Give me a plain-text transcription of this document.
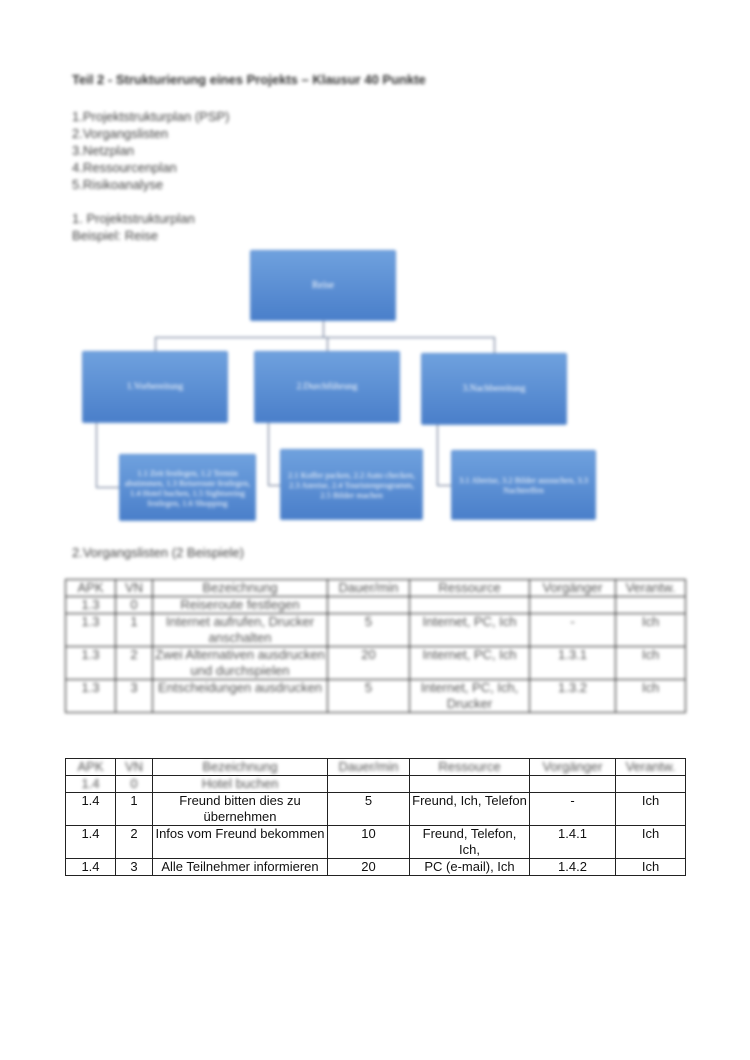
Teil 2 - Strukturierung eines Projekts – Klausur 40 Punkte
1.Projektstrukturplan (PSP)
2.Vorgangslisten
3.Netzplan
4.Ressourcenplan
5.Risikoanalyse
1. Projektstrukturplan
Beispiel: Reise
Reise
1.Vorbereitung	2.Durchführung	3.Nachbereitung
1.1 Zeit festlegen, 1.2 Termin abstimmen, 1.3 Reiseroute festlegen, 1.4 Hotel buchen, 1.5 Sightseeing festlegen, 1.6 Shopping
2.1 Koffer packen, 2.2 Auto checken, 2.3 Anreise, 2.4 Touristenprogramm, 2.5 Bilder machen
3.1 Abreise, 3.2 Bilder aussuchen, 3.3 Nachtreffen
2.Vorgangslisten (2 Beispiele)
APK	VN	Bezeichnung	Dauer/min	Ressource	Vorgänger	Verantw.
1.3	0	Reiseroute festlegen				
1.3	1	Internet aufrufen, Drucker anschalten	5	Internet, PC, Ich	-	Ich
1.3	2	Zwei Alternativen ausdrucken und durchspielen	20	Internet, PC, Ich	1.3.1	Ich
1.3	3	Entscheidungen ausdrucken	5	Internet, PC, Ich, Drucker	1.3.2	Ich
APK	VN	Bezeichnung	Dauer/min	Ressource	Vorgänger	Verantw.
1.4	0	Hotel buchen				
1.4	1	Freund bitten dies zu übernehmen	5	Freund, Ich, Telefon	-	Ich
1.4	2	Infos vom Freund bekommen	10	Freund, Telefon, Ich,	1.4.1	Ich
1.4	3	Alle Teilnehmer informieren	20	PC (e-mail), Ich	1.4.2	Ich
